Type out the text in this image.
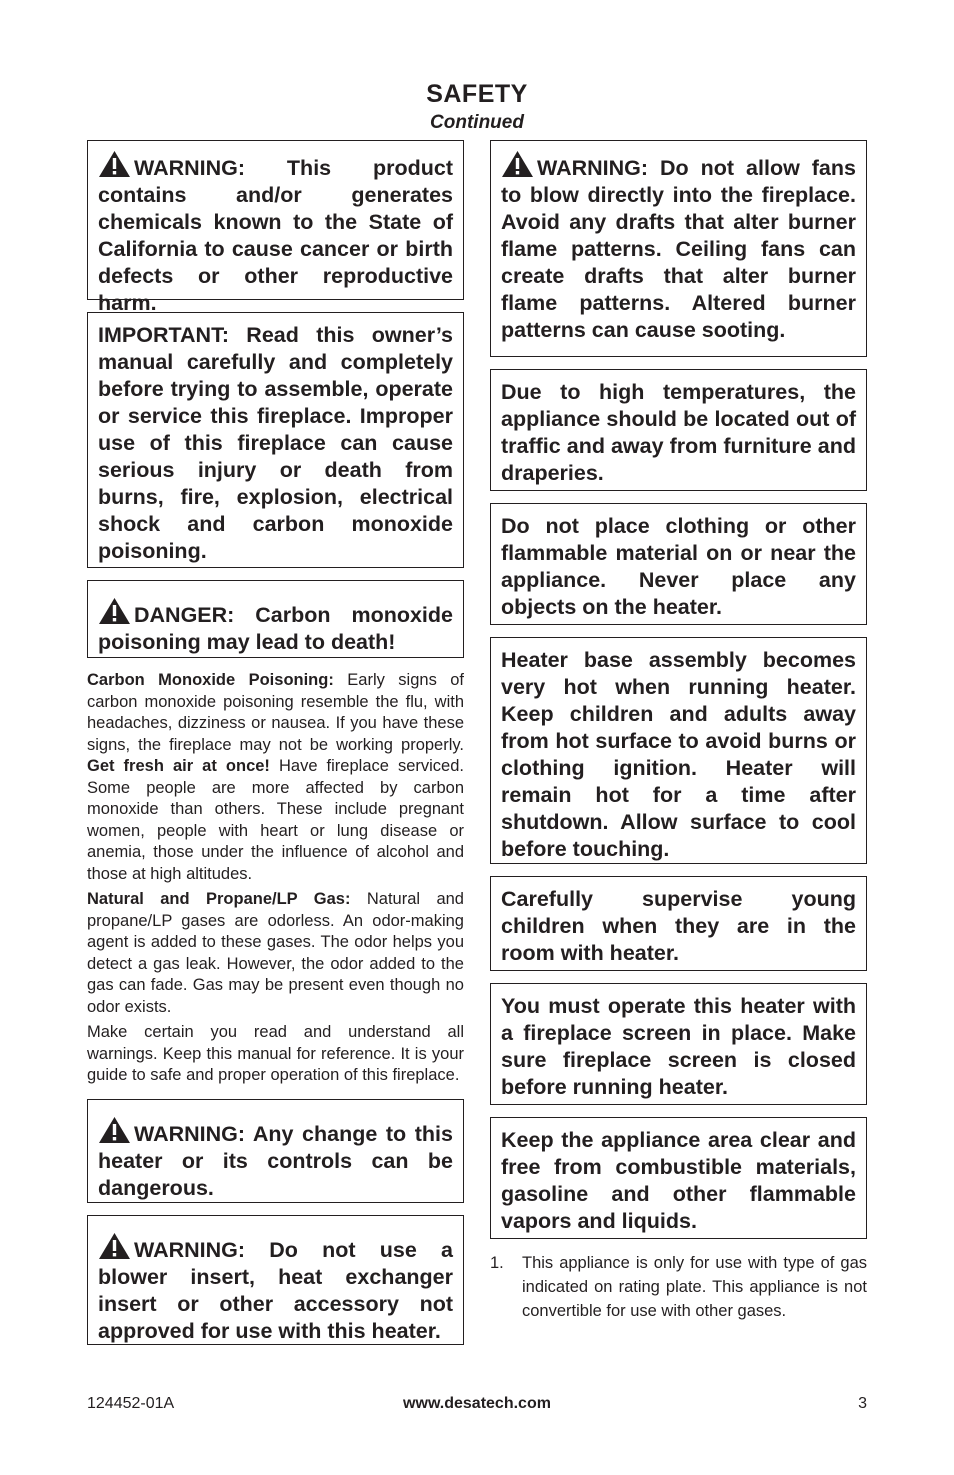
SAFETY
Continued
WARNING: This product contains and/or generates chemicals known to the State of California to cause cancer or birth defects or other reproductive harm.
IMPORTANT: Read this owner’s manual carefully and completely before trying to assemble, operate or service this fireplace. Improper use of this fireplace can cause serious injury or death from burns, fire, explosion, electrical shock and carbon monoxide poisoning.
DANGER: Carbon monoxide poisoning may lead to death!

Carbon Monoxide Poisoning: Early signs of carbon monoxide poisoning resemble the flu, with headaches, dizziness or nausea. If you have these signs, the fireplace may not be working properly. Get fresh air at once! Have fireplace serviced. Some people are more affected by carbon monoxide than others. These include pregnant women, people with heart or lung disease or anemia, those under the influence of alcohol and those at high altitudes.

Natural and Propane/LP Gas: Natural and propane/LP gases are odorless. An odor-making agent is added to these gases. The odor helps you detect a gas leak. However, the odor added to the gas can fade. Gas may be present even though no odor exists.

Make certain you read and understand all warnings. Keep this manual for reference. It is your guide to safe and proper operation of this fireplace.

WARNING: Any change to this heater or its controls can be dangerous.
WARNING: Do not use a blower insert, heat exchanger insert or other accessory not approved for use with this heater.
WARNING: Do not allow fans to blow directly into the fireplace. Avoid any drafts that alter burner flame patterns. Ceiling fans can create drafts that alter burner flame patterns. Altered burner patterns can cause sooting.
Due to high temperatures, the appliance should be located out of traffic and away from furniture and draperies.
Do not place clothing or other flammable material on or near the appliance. Never place any objects on the heater.
Heater base assembly becomes very hot when running heater. Keep children and adults away from hot surface to avoid burns or clothing ignition. Heater will remain hot for a time after shutdown. Allow surface to cool before touching.
Carefully supervise young children when they are in the room with heater.
You must operate this heater with a fireplace screen in place. Make sure fireplace screen is closed before running heater.
Keep the appliance area clear and free from combustible materials, gasoline and other flammable vapors and liquids.
1.	This appliance is only for use with type of gas indicated on rating plate. This appliance is not convertible for use with other gases.
124452-01A	www.desatech.com	3
